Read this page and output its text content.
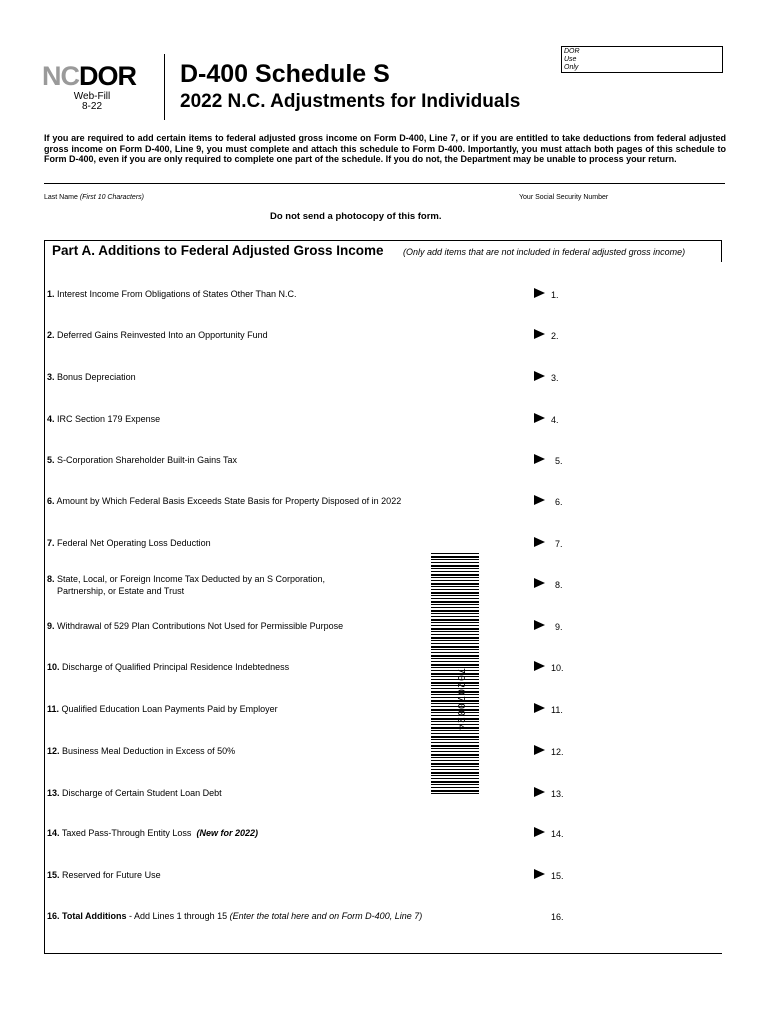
NCDOR
Web-Fill
8-22
D-400 Schedule S
2022 N.C. Adjustments for Individuals
DOR
Use
Only
If you are required to add certain items to federal adjusted gross income on Form D-400, Line 7, or if you are entitled to take deductions from federal adjusted gross income on Form D-400, Line 9, you must complete and attach this schedule to Form D-400. Importantly, you must attach both pages of this schedule to Form D-400, even if you are only required to complete one part of the schedule. If you do not, the Department may be unable to process your return.
Last Name (First 10 Characters)	Your Social Security Number
Do not send a photocopy of this form.
Part A. Additions to Federal Adjusted Gross Income (Only add items that are not included in federal adjusted gross income)
1. Interest Income From Obligations of States Other Than N.C.	1.
2. Deferred Gains Reinvested Into an Opportunity Fund	2.
3. Bonus Depreciation	3.
4. IRC Section 179 Expense	4.
5. S-Corporation Shareholder Built-in Gains Tax	5.
6. Amount by Which Federal Basis Exceeds State Basis for Property Disposed of in 2022	6.
7. Federal Net Operating Loss Deduction	7.
8. State, Local, or Foreign Income Tax Deducted by an S Corporation,
Partnership, or Estate and Trust
8.
9. Withdrawal of 529 Plan Contributions Not Used for Permissible Purpose	9.
10. Discharge of Qualified Principal Residence Indebtedness	10.
11. Qualified Education Loan Payments Paid by Employer	11.
12. Business Meal Deduction in Excess of 50%	12.
13. Discharge of Certain Student Loan Debt	13.
14. Taxed Pass-Through Entity Loss (New for 2022)	14.
15. Reserved for Future Use	15.
16. Total Additions - Add Lines 1 through 15 (Enter the total here and on Form D-400, Line 7)	16.
702070024
